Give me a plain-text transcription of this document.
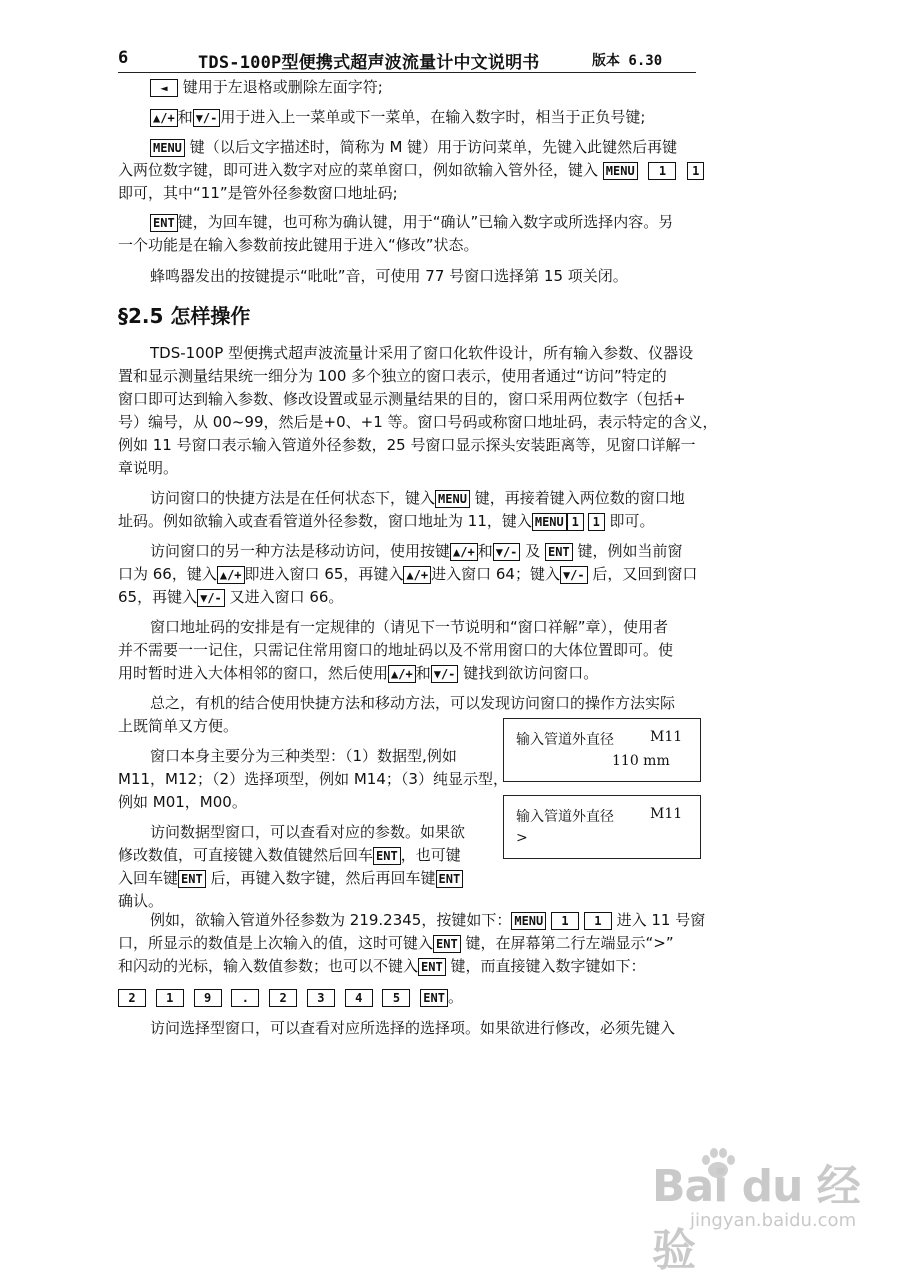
6	TDS-100P型便携式超声波流量计中文说明书	版本 6.30
◄ 键用于左退格或删除左面字符;
▲/+ 和 ▼/- 用于进入上一菜单或下一菜单，在输入数字时，相当于正负号键;
MENU 键（以后文字描述时，简称为 M 键）用于访问菜单，先键入此键然后再键
入两位数字键，即可进入数字对应的菜单窗口，例如欲输入管外径，键入 MENU 1 1
即可，其中“11”是管外径参数窗口地址码;
ENT 键，为回车键，也可称为确认键，用于“确认”已输入数字或所选择内容。另
一个功能是在输入参数前按此键用于进入“修改”状态。
蜂鸣器发出的按键提示“吡吡”音，可使用 77 号窗口选择第 15 项关闭。
§2.5 怎样操作
TDS-100P 型便携式超声波流量计采用了窗口化软件设计，所有输入参数、仪器设
置和显示测量结果统一细分为 100 多个独立的窗口表示，使用者通过“访问”特定的
窗口即可达到输入参数、修改设置或显示测量结果的目的，窗口采用两位数字（包括+
号）编号，从 00~99，然后是+0、+1 等。窗口号码或称窗口地址码，表示特定的含义，
例如 11 号窗口表示输入管道外径参数，25 号窗口显示探头安装距离等，见窗口详解一
章说明。
访问窗口的快捷方法是在任何状态下，键入 MENU 键，再接着键入两位数的窗口地
址码。例如欲输入或查看管道外径参数，窗口地址为 11，键入 MENU 1 1 即可。
访问窗口的另一种方法是移动访问，使用按键 ▲/+ 和 ▼/- 及 ENT 键，例如当前窗
口为 66，键入 ▲/+ 即进入窗口 65，再键入 ▲/+ 进入窗口 64；键入 ▼/- 后，又回到窗口
65，再键入 ▼/- 又进入窗口 66。
窗口地址码的安排是有一定规律的（请见下一节说明和“窗口祥解”章），使用者
并不需要一一记住，只需记住常用窗口的地址码以及不常用窗口的大体位置即可。使
用时暂时进入大体相邻的窗口，然后使用 ▲/+ 和 ▼/- 键找到欲访问窗口。
总之，有机的结合使用快捷方法和移动方法，可以发现访问窗口的操作方法实际
上既简单又方便。
窗口本身主要分为三种类型：（1）数据型,例如
M11，M12；（2）选择项型，例如 M14；（3）纯显示型，
例如 M01，M00。
输入管道外直径	M11
110 mm
访问数据型窗口，可以查看对应的参数。如果欲
修改数值，可直接键入数值键然后回车 ENT ，也可键
入回车键 ENT 后，再键入数字键，然后再回车键 ENT
确认。
输入管道外直径	M11
>
例如，欲输入管道外径参数为 219.2345，按键如下： MENU 1 1 进入 11 号窗
口，所显示的数值是上次输入的值，这时可键入 ENT 键，在屏幕第二行左端显示“>”
和闪动的光标，输入数值参数；也可以不键入 ENT 键，而直接键入数字键如下：
2	1	9	.	2	3	4	5 ENT 。
访问选择型窗口，可以查看对应所选择的选择项。如果欲进行修改，必须先键入
Bai du 经验
jingyan.baidu.com
